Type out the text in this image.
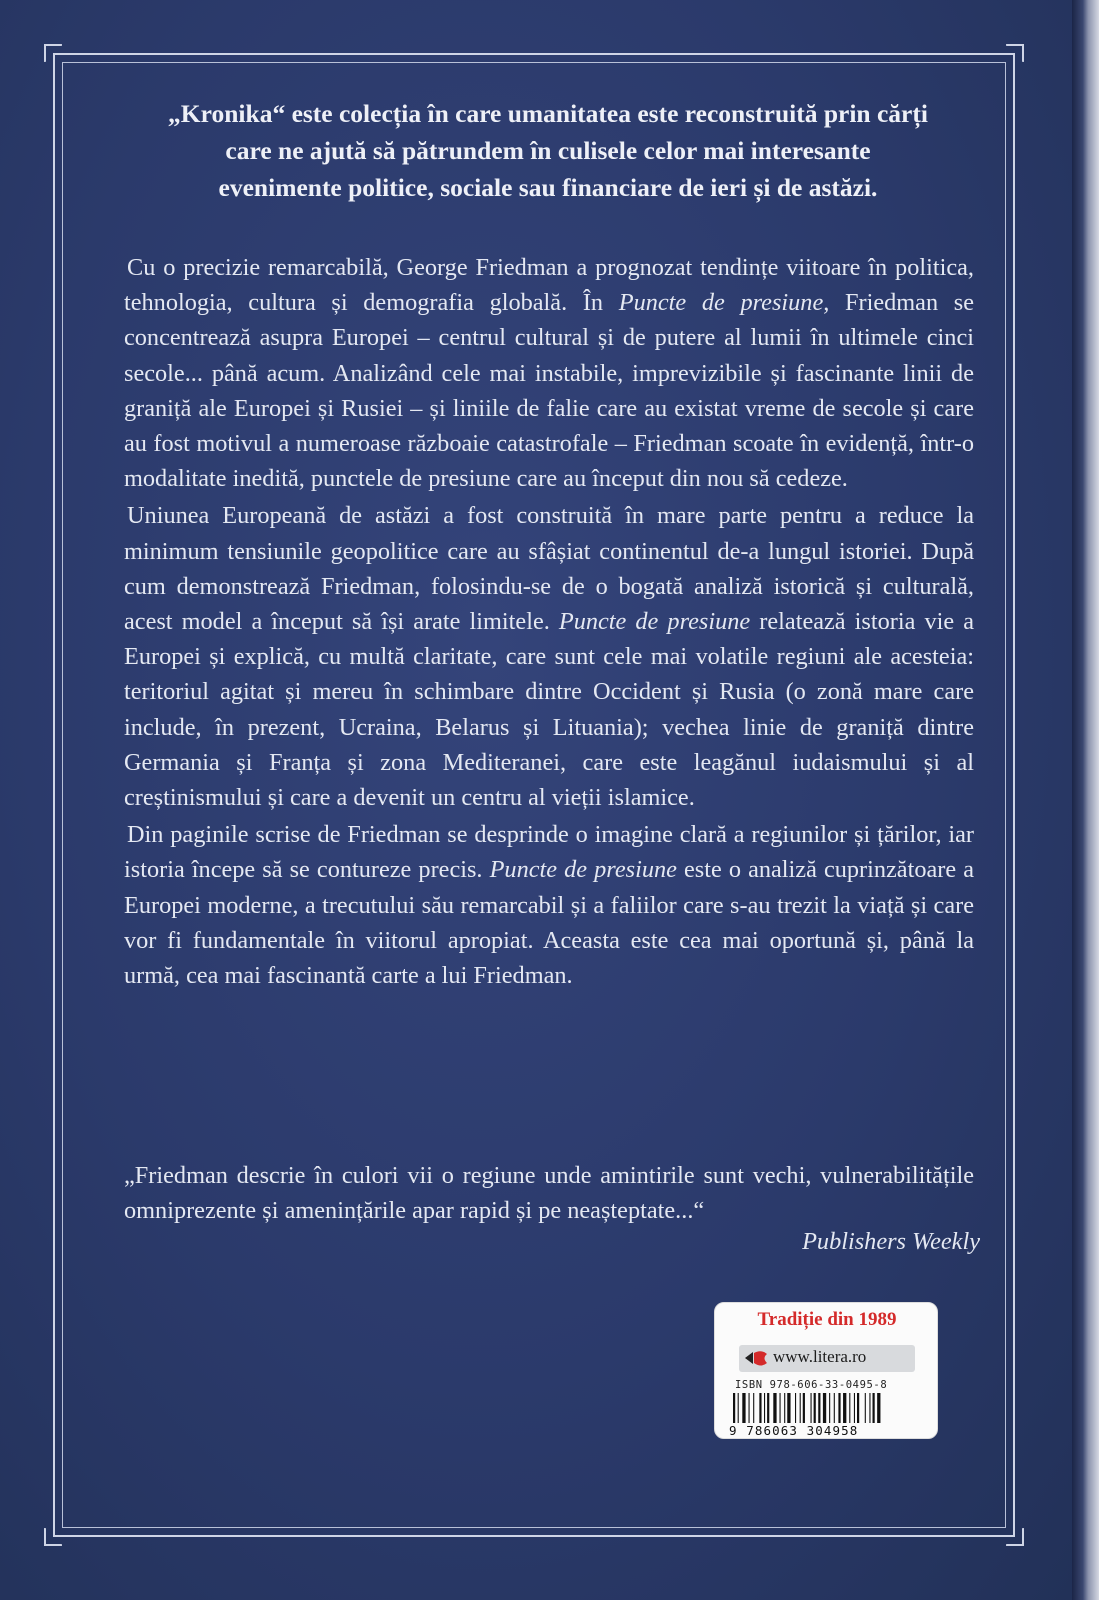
„Kronika“ este colecția în care umanitatea este reconstruită prin cărți
care ne ajută să pătrundem în culisele celor mai interesante
evenimente politice, sociale sau financiare de ieri și de astăzi.

Cu o precizie remarcabilă, George Friedman a prognozat tendințe viitoare în politica, tehnologia, cultura și demografia globală. În Puncte de presiune, Friedman se concentrează asupra Europei – centrul cultural și de putere al lumii în ultimele cinci secole... până acum. Analizând cele mai instabile, imprevizibile și fascinante linii de graniță ale Europei și Rusiei – și liniile de falie care au existat vreme de secole și care au fost motivul a numeroase războaie catastrofale – Friedman scoate în evidență, într-o modalitate inedită, punctele de presiune care au început din nou să cedeze.

Uniunea Europeană de astăzi a fost construită în mare parte pentru a reduce la minimum tensiunile geopolitice care au sfâșiat continentul de-a lungul istoriei. După cum demonstrează Friedman, folosindu-se de o bogată analiză istorică și culturală, acest model a început să își arate limitele. Puncte de presiune relatează istoria vie a Europei și explică, cu multă claritate, care sunt cele mai volatile regiuni ale acesteia: teritoriul agitat și mereu în schimbare dintre Occident și Rusia (o zonă mare care include, în prezent, Ucraina, Belarus și Lituania); vechea linie de graniță dintre Germania și Franța și zona Mediteranei, care este leagănul iudaismului și al creștinismului și care a devenit un centru al vieții islamice.

Din paginile scrise de Friedman se desprinde o imagine clară a regiunilor și țărilor, iar istoria începe să se contureze precis. Puncte de presiune este o analiză cuprinzătoare a Europei moderne, a trecutului său remarcabil și a faliilor care s-au trezit la viață și care vor fi fundamentale în viitorul apropiat. Aceasta este cea mai oportună și, până la urmă, cea mai fascinantă carte a lui Friedman.

„Friedman descrie în culori vii o regiune unde amintirile sunt vechi, vulnerabilitățile omniprezente și amenințările apar rapid și pe neașteptate...“
Publishers Weekly
Tradiție din 1989
www.litera.ro
ISBN 978-606-33-0495-8
9 786063 304958
